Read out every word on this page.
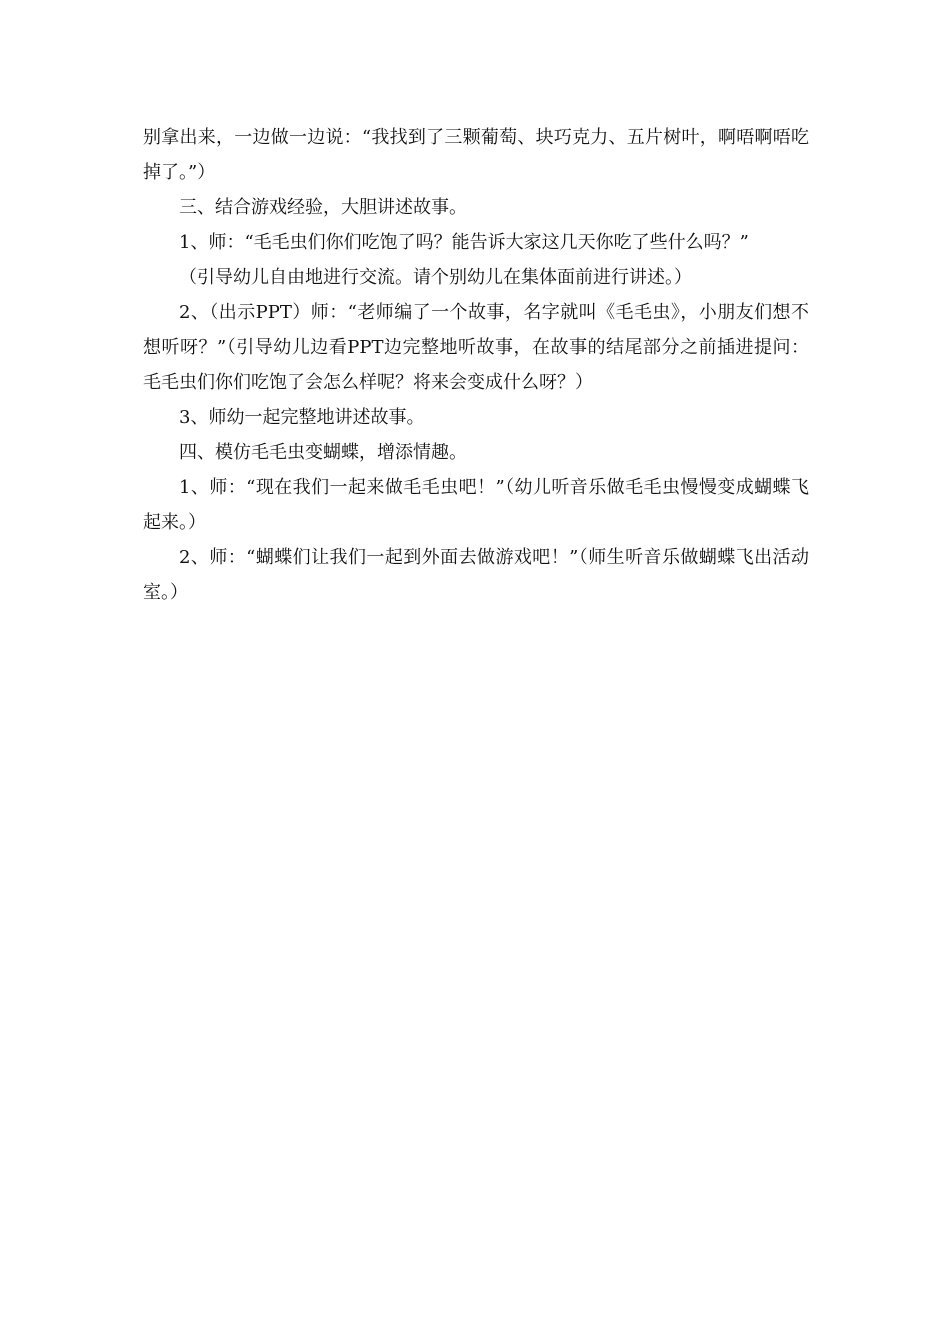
别拿出来，一边做一边说：“我找到了三颗葡萄、块巧克力、五片树叶，啊唔啊唔吃掉了。”）

三、结合游戏经验，大胆讲述故事。

1、师：“毛毛虫们你们吃饱了吗？能告诉大家这几天你吃了些什么吗？”

（引导幼儿自由地进行交流。请个别幼儿在集体面前进行讲述。）

2、（出示PPT）师：“老师编了一个故事，名字就叫《毛毛虫》，小朋友们想不想听呀？”（引导幼儿边看PPT边完整地听故事，在故事的结尾部分之前插进提问：毛毛虫们你们吃饱了会怎么样呢？将来会变成什么呀？）

3、师幼一起完整地讲述故事。

四、模仿毛毛虫变蝴蝶，增添情趣。

1、师：“现在我们一起来做毛毛虫吧！”（幼儿听音乐做毛毛虫慢慢变成蝴蝶飞起来。）

2、师：“蝴蝶们让我们一起到外面去做游戏吧！”（师生听音乐做蝴蝶飞出活动室。）
